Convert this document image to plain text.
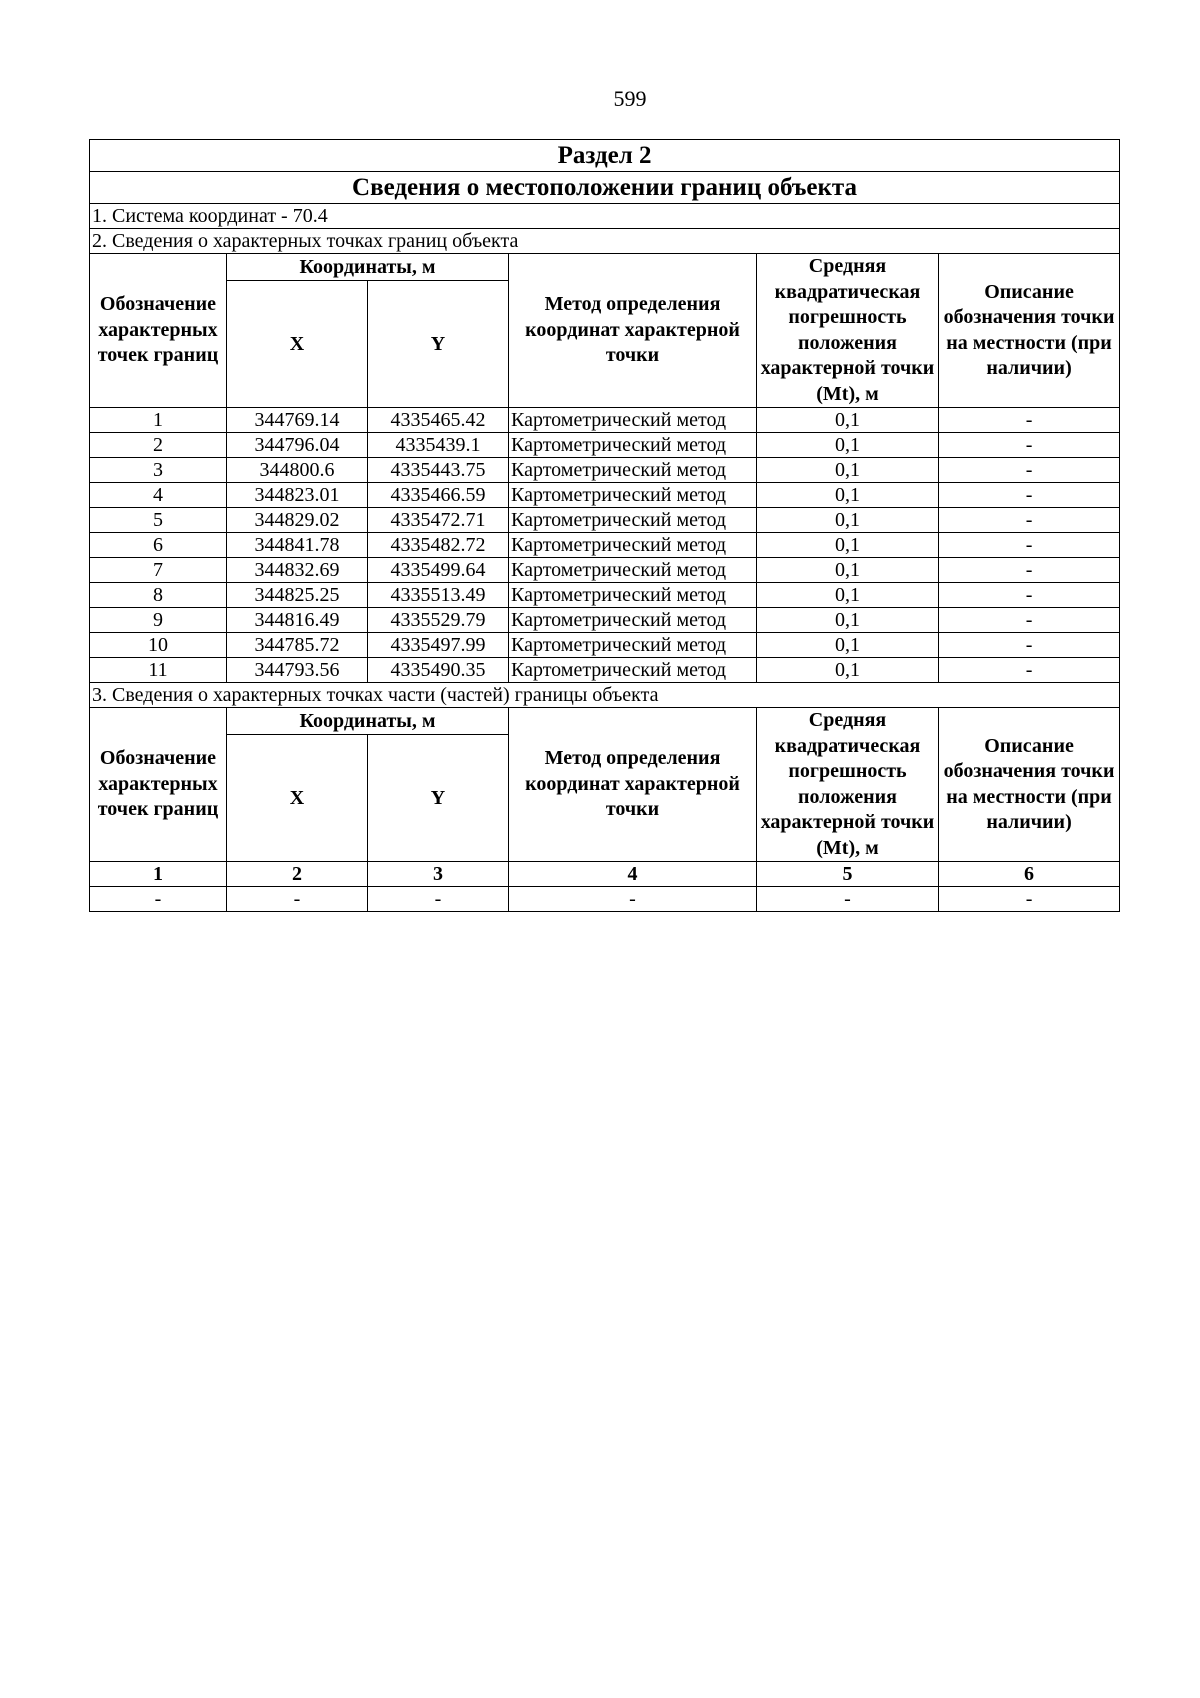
599
Раздел 2					
Сведения о местоположении границ объекта					
1. Система координат - 70.4					
2. Сведения о характерных точках границ объекта					
Обозначение характерных точек границ	Координаты, м		Метод определения координат характерной точки	Средняя квадратическая погрешность положения характерной точки (Mt), м	Описание обозначения точки на местности (при наличии)
	X	Y			
1	344769.14	4335465.42	Картометрический метод	0,1	-
2	344796.04	4335439.1	Картометрический метод	0,1	-
3	344800.6	4335443.75	Картометрический метод	0,1	-
4	344823.01	4335466.59	Картометрический метод	0,1	-
5	344829.02	4335472.71	Картометрический метод	0,1	-
6	344841.78	4335482.72	Картометрический метод	0,1	-
7	344832.69	4335499.64	Картометрический метод	0,1	-
8	344825.25	4335513.49	Картометрический метод	0,1	-
9	344816.49	4335529.79	Картометрический метод	0,1	-
10	344785.72	4335497.99	Картометрический метод	0,1	-
11	344793.56	4335490.35	Картометрический метод	0,1	-
3. Сведения о характерных точках части (частей) границы объекта					
Обозначение характерных точек границ	Координаты, м		Метод определения координат характерной точки	Средняя квадратическая погрешность положения характерной точки (Mt), м	Описание обозначения точки на местности (при наличии)
	X	Y			
1	2	3	4	5	6
-	-	-	-	-	-
